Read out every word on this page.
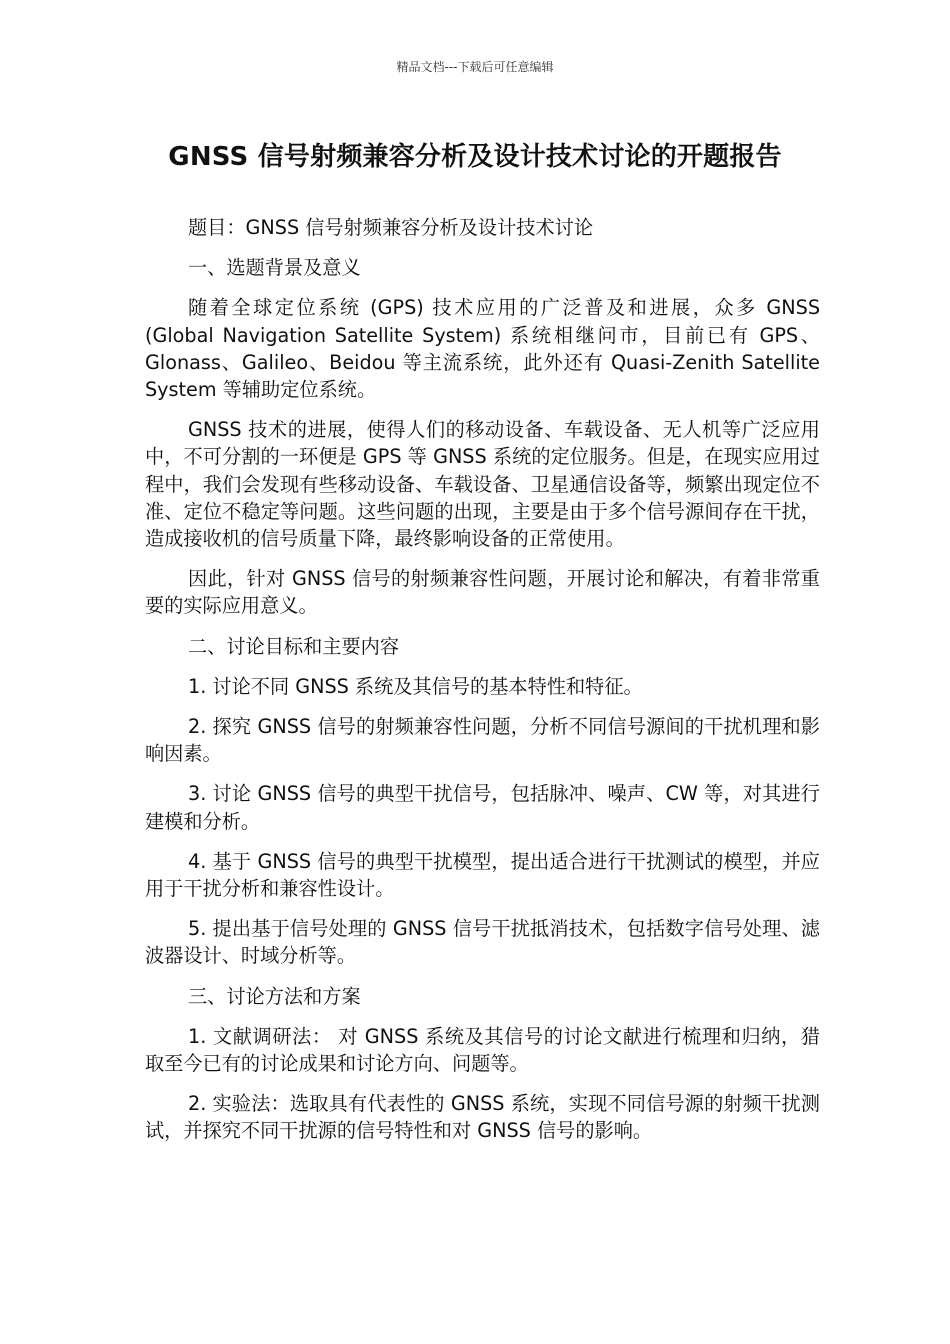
精品文档---下载后可任意编辑
GNSS 信号射频兼容分析及设计技术讨论的开题报告

题目：GNSS 信号射频兼容分析及设计技术讨论

一、选题背景及意义

随着全球定位系统 (GPS) 技术应用的广泛普及和进展，众多 GNSS (Global Navigation Satellite System) 系统相继问市，目前已有 GPS、Glonass、Galileo、Beidou 等主流系统，此外还有 Quasi-Zenith Satellite System 等辅助定位系统。

GNSS 技术的进展，使得人们的移动设备、车载设备、无人机等广泛应用中，不可分割的一环便是 GPS 等 GNSS 系统的定位服务。但是，在现实应用过程中，我们会发现有些移动设备、车载设备、卫星通信设备等，频繁出现定位不准、定位不稳定等问题。这些问题的出现，主要是由于多个信号源间存在干扰，造成接收机的信号质量下降，最终影响设备的正常使用。

因此，针对 GNSS 信号的射频兼容性问题，开展讨论和解决，有着非常重要的实际应用意义。

二、讨论目标和主要内容

1. 讨论不同 GNSS 系统及其信号的基本特性和特征。

2. 探究 GNSS 信号的射频兼容性问题，分析不同信号源间的干扰机理和影响因素。

3. 讨论 GNSS 信号的典型干扰信号，包括脉冲、噪声、CW 等，对其进行建模和分析。

4. 基于 GNSS 信号的典型干扰模型，提出适合进行干扰测试的模型，并应用于干扰分析和兼容性设计。

5. 提出基于信号处理的 GNSS 信号干扰抵消技术，包括数字信号处理、滤波器设计、时域分析等。

三、讨论方法和方案

1. 文献调研法： 对 GNSS 系统及其信号的讨论文献进行梳理和归纳，猎取至今已有的讨论成果和讨论方向、问题等。

2. 实验法：选取具有代表性的 GNSS 系统，实现不同信号源的射频干扰测试，并探究不同干扰源的信号特性和对 GNSS 信号的影响。
